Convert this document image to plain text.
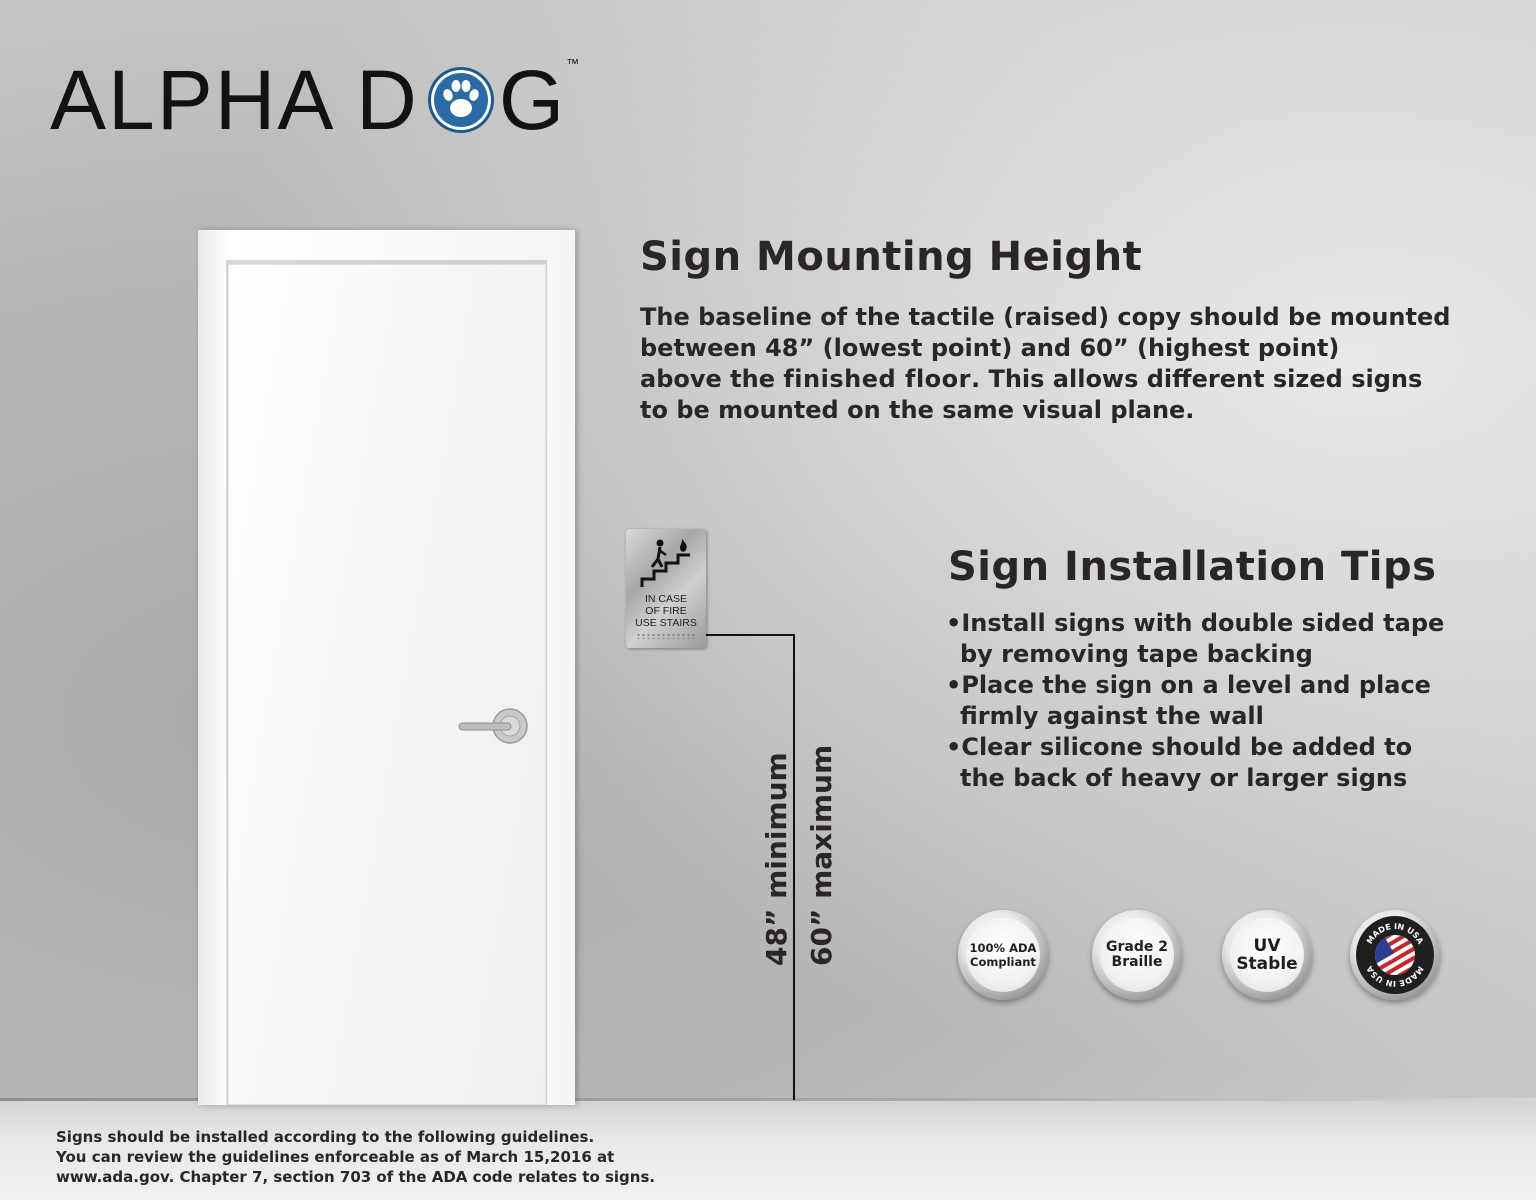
ALPHA D G ™
Sign Mounting Height

The baseline of the tactile (raised) copy should be mounted
between 48” (lowest point) and 60” (highest point)
above the finished floor. This allows different sized signs
to be mounted on the same visual plane.

IN CASE
OF FIRE
USE STAIRS
48” minimum 60” maximum
Sign Installation Tips
•Install signs with double sided tape
by removing tape backing
•Place the sign on a level and place
firmly against the wall
•Clear silicone should be added to
the back of heavy or larger signs
100% ADA
Compliant
Grade 2
Braille
UV
Stable
MADE IN USA
MADE IN USA

Signs should be installed according to the following guidelines.
You can review the guidelines enforceable as of March 15,2016 at
www.ada.gov. Chapter 7, section 703 of the ADA code relates to signs.
